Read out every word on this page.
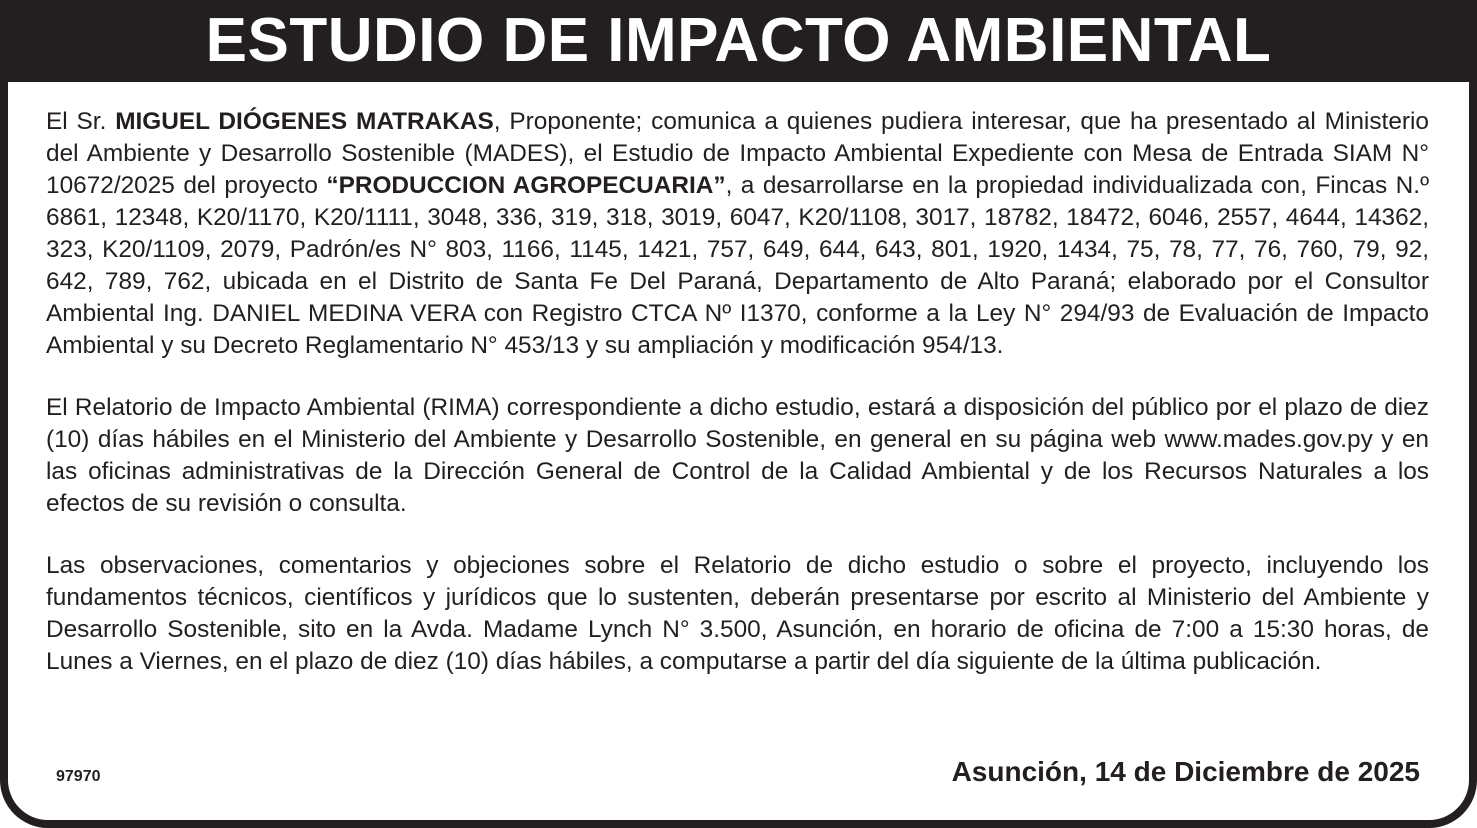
ESTUDIO DE IMPACTO AMBIENTAL

El Sr. MIGUEL DIÓGENES MATRAKAS, Proponente; comunica a quienes pudiera interesar, que ha presentado al Ministerio del Ambiente y Desarrollo Sostenible (MADES), el Estudio de Impacto Ambiental Expediente con Mesa de Entrada SIAM N° 10672/2025 del proyecto “PRODUCCION AGROPECUARIA”, a desarrollarse en la propiedad individualizada con, Fincas N.º 6861, 12348, K20/1170, K20/1111, 3048, 336, 319, 318, 3019, 6047, K20/1108, 3017, 18782, 18472, 6046, 2557, 4644, 14362, 323, K20/1109, 2079, Padrón/es N° 803, 1166, 1145, 1421, 757, 649, 644, 643, 801, 1920, 1434, 75, 78, 77, 76, 760, 79, 92, 642, 789, 762, ubicada en el Distrito de Santa Fe Del Paraná, Departamento de Alto Paraná; elaborado por el Consultor Ambiental Ing. DANIEL MEDINA VERA con Registro CTCA Nº I1370, conforme a la Ley N° 294/93 de Evaluación de Impacto Ambiental y su Decreto Reglamentario N° 453/13 y su ampliación y modificación 954/13.

El Relatorio de Impacto Ambiental (RIMA) correspondiente a dicho estudio, estará a disposición del público por el plazo de diez (10) días hábiles en el Ministerio del Ambiente y Desarrollo Sostenible, en general en su página web www.mades.gov.py y en las oficinas administrativas de la Dirección General de Control de la Calidad Ambiental y de los Recursos Naturales a los efectos de su revisión o consulta.

Las observaciones, comentarios y objeciones sobre el Relatorio de dicho estudio o sobre el proyecto, incluyendo los fundamentos técnicos, científicos y jurídicos que lo sustenten, deberán presentarse por escrito al Ministerio del Ambiente y Desarrollo Sostenible, sito en la Avda. Madame Lynch N° 3.500, Asunción, en horario de oficina de 7:00 a 15:30 horas, de Lunes a Viernes, en el plazo de diez (10) días hábiles, a computarse a partir del día siguiente de la última publicación.

97970	Asunción, 14 de Diciembre de 2025
